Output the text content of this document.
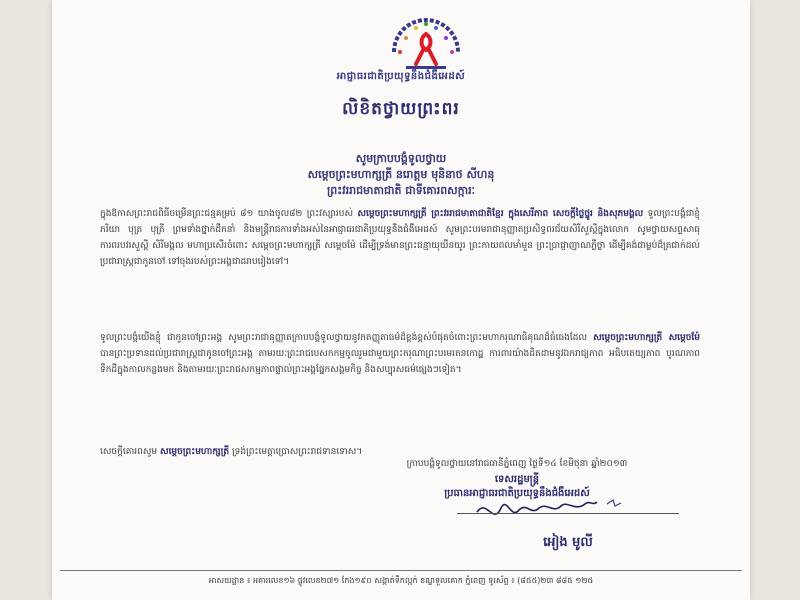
អាជ្ញាធរជាតិប្រយុទ្ធនឹងជំងឺអេដស៍
លិខិតថ្វាយព្រះពរ
សូមក្រាបបង្គំទូលថ្វាយ
សម្តេចព្រះមហាក្សត្រី នរោត្តម មុនិនាថ សីហនុ
ព្រះវររាជមាតាជាតិ ជាទីគោរពសក្ការៈ
ក្នុងឱកាសព្រះរាជពិធីចម្រើនព្រះជន្មគម្រប់ ៨១ យាងចូល៨២ ព្រះវស្សារបស់ សម្តេចព្រះមហាក្សត្រី ព្រះវររាជមាតាជាតិខ្មែរ ក្នុងសេរីភាព សេចក្តីថ្លៃថ្នូរ និងសុភមង្គល ទូលព្រះបង្គំជាខ្ញុំ ភរិយា បុត្រ បុត្រី ព្រមទាំងថ្នាក់ដឹកនាំ និងមន្ត្រីរាជការទាំងអស់នៃអាជ្ញាធរជាតិប្រយុទ្ធនឹងជំងឺអេដស៍ សូមព្រះបរមរាជានុញ្ញាតប្រសិទ្ធពរជ័យសិរីសួស្តីក្នុងលោក សូមថ្វាយសព្ទសាធុការពរបវរសួស្តី សិរីមង្គល មហាប្រសើរចំពោះ សម្តេចព្រះមហាក្សត្រី សម្តេចម៉ែ ដើម្បីទ្រង់មានព្រះជន្មាយុយឺនយូរ ព្រះកាយពលមាំមួន ព្រះប្រាជ្ញាញាណភ្លឺថ្លា ដើម្បីគង់ជាម្លប់ដ៏ត្រជាក់ដល់ប្រជារាស្ត្រជាកូនចៅ ទៅចុងរបស់ព្រះអង្គជាដរាបរៀងទៅ។
ទូលព្រះបង្គំយើងខ្ញុំ ជាកូនចៅព្រះអង្គ សូមព្រះរាជានុញ្ញាតក្រាបបង្គំទូលថ្វាយនូវកតញ្ញុតាធម៌ដ៏ខ្ពង់ខ្ពស់បំផុតចំពោះព្រះមហាករុណាធិគុណដ៏ធំធេងដែល សម្តេចព្រះមហាក្សត្រី សម្តេចម៉ែ បានព្រះប្រទានដល់ប្រជារាស្ត្រជាកូនចៅព្រះអង្គ តាមរយៈព្រះរាជបេសកកម្មចូលរួមជាមួយព្រះករុណាព្រះបរមរតនកោដ្ឋ ការពារយ៉ាងដិតដាមនូវឯករាជ្យភាព អធិបតេយ្យភាព បូរណភាពទឹកដីក្នុងកាលកន្លងមក និងតាមរយៈព្រះរាជសកម្មភាពផ្ទាល់ព្រះអង្គផ្នែកសង្គមកិច្ច និងសប្បុរសធម៌ផ្សេងៗទៀត។
សេចក្តីគោរពសូម សម្តេចព្រះមហាក្សត្រី ទ្រង់ព្រះមេត្តាប្រោសព្រះរាជទានទោស។
ក្រាបបង្គំទូលថ្វាយនៅរាជធានីភ្នំពេញ ថ្ងៃទី១៤ ខែមិថុនា ឆ្នាំ២០១៣
ទេសរដ្ឋមន្ត្រី
ប្រធានអាជ្ញាធរជាតិប្រយុទ្ធនឹងជំងឺអេដស៍
អៀង មូលី
អាសយដ្ឋាន ៖ អគារលេខ១៦ ផ្លូវលេខ២៧១ កែង១៩០ សង្កាត់ទឹកល្អក់ ខណ្ឌទួលគោក ភ្នំពេញ ទូរស័ព្ទ ៖ (៨៥៥)២៣ ៨៨៥ ១២៥
